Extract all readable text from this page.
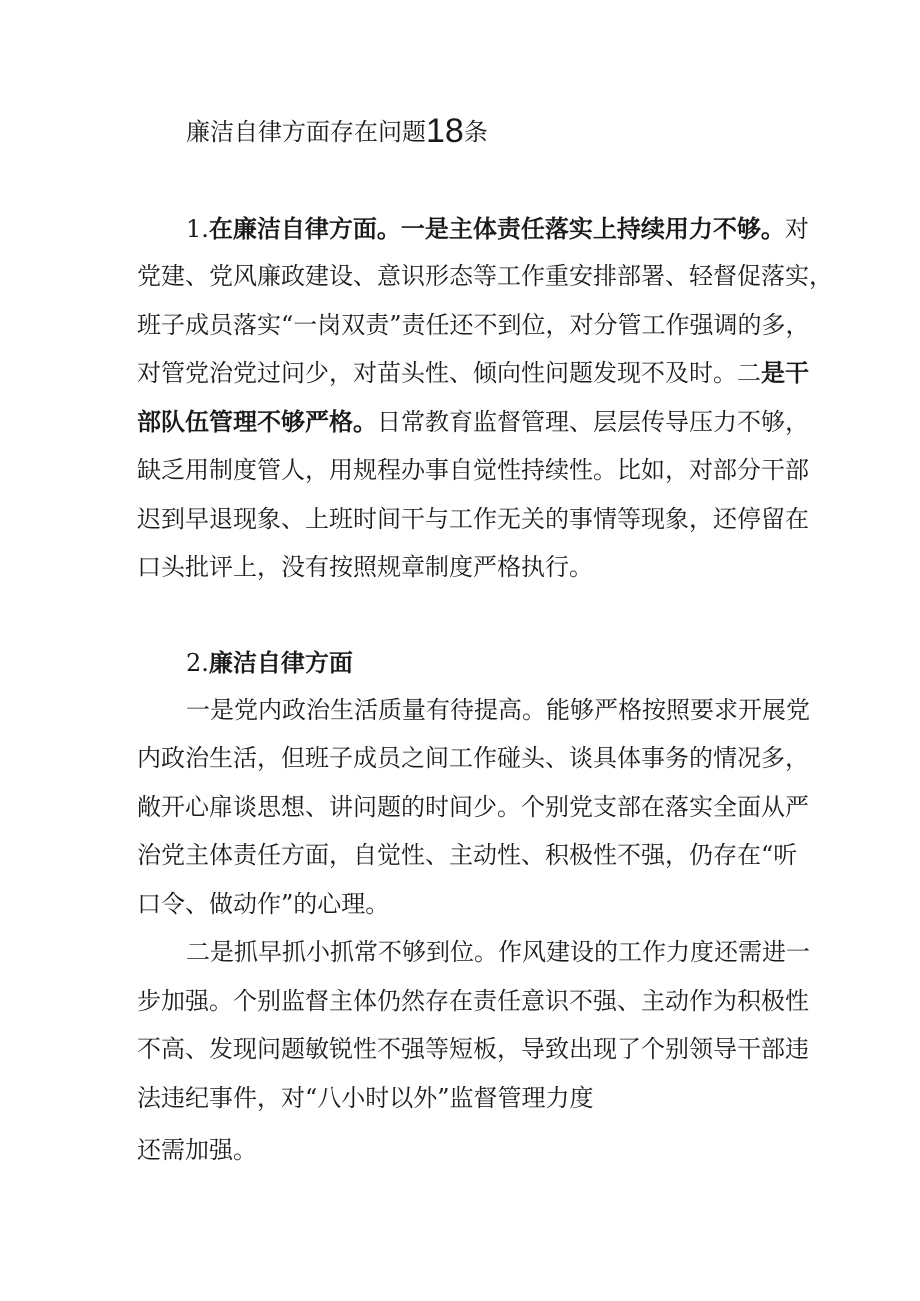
廉洁自律方面存在问题18条
1.在廉洁自律方面。一是主体责任落实上持续用力不够。对
党建、党风廉政建设、意识形态等工作重安排部署、轻督促落实，
班子成员落实“一岗双责”责任还不到位，对分管工作强调的多，
对管党治党过问少，对苗头性、倾向性问题发现不及时。二是干
部队伍管理不够严格。日常教育监督管理、层层传导压力不够，
缺乏用制度管人，用规程办事自觉性持续性。比如，对部分干部
迟到早退现象、上班时间干与工作无关的事情等现象，还停留在
口头批评上，没有按照规章制度严格执行。
2.廉洁自律方面
一是党内政治生活质量有待提高。能够严格按照要求开展党
内政治生活，但班子成员之间工作碰头、谈具体事务的情况多，
敞开心扉谈思想、讲问题的时间少。个别党支部在落实全面从严
治党主体责任方面，自觉性、主动性、积极性不强，仍存在“听
口令、做动作”的心理。
二是抓早抓小抓常不够到位。作风建设的工作力度还需进一
步加强。个别监督主体仍然存在责任意识不强、主动作为积极性
不高、发现问题敏锐性不强等短板，导致出现了个别领导干部违
法违纪事件，对“八小时以外”监督管理力度
还需加强。
